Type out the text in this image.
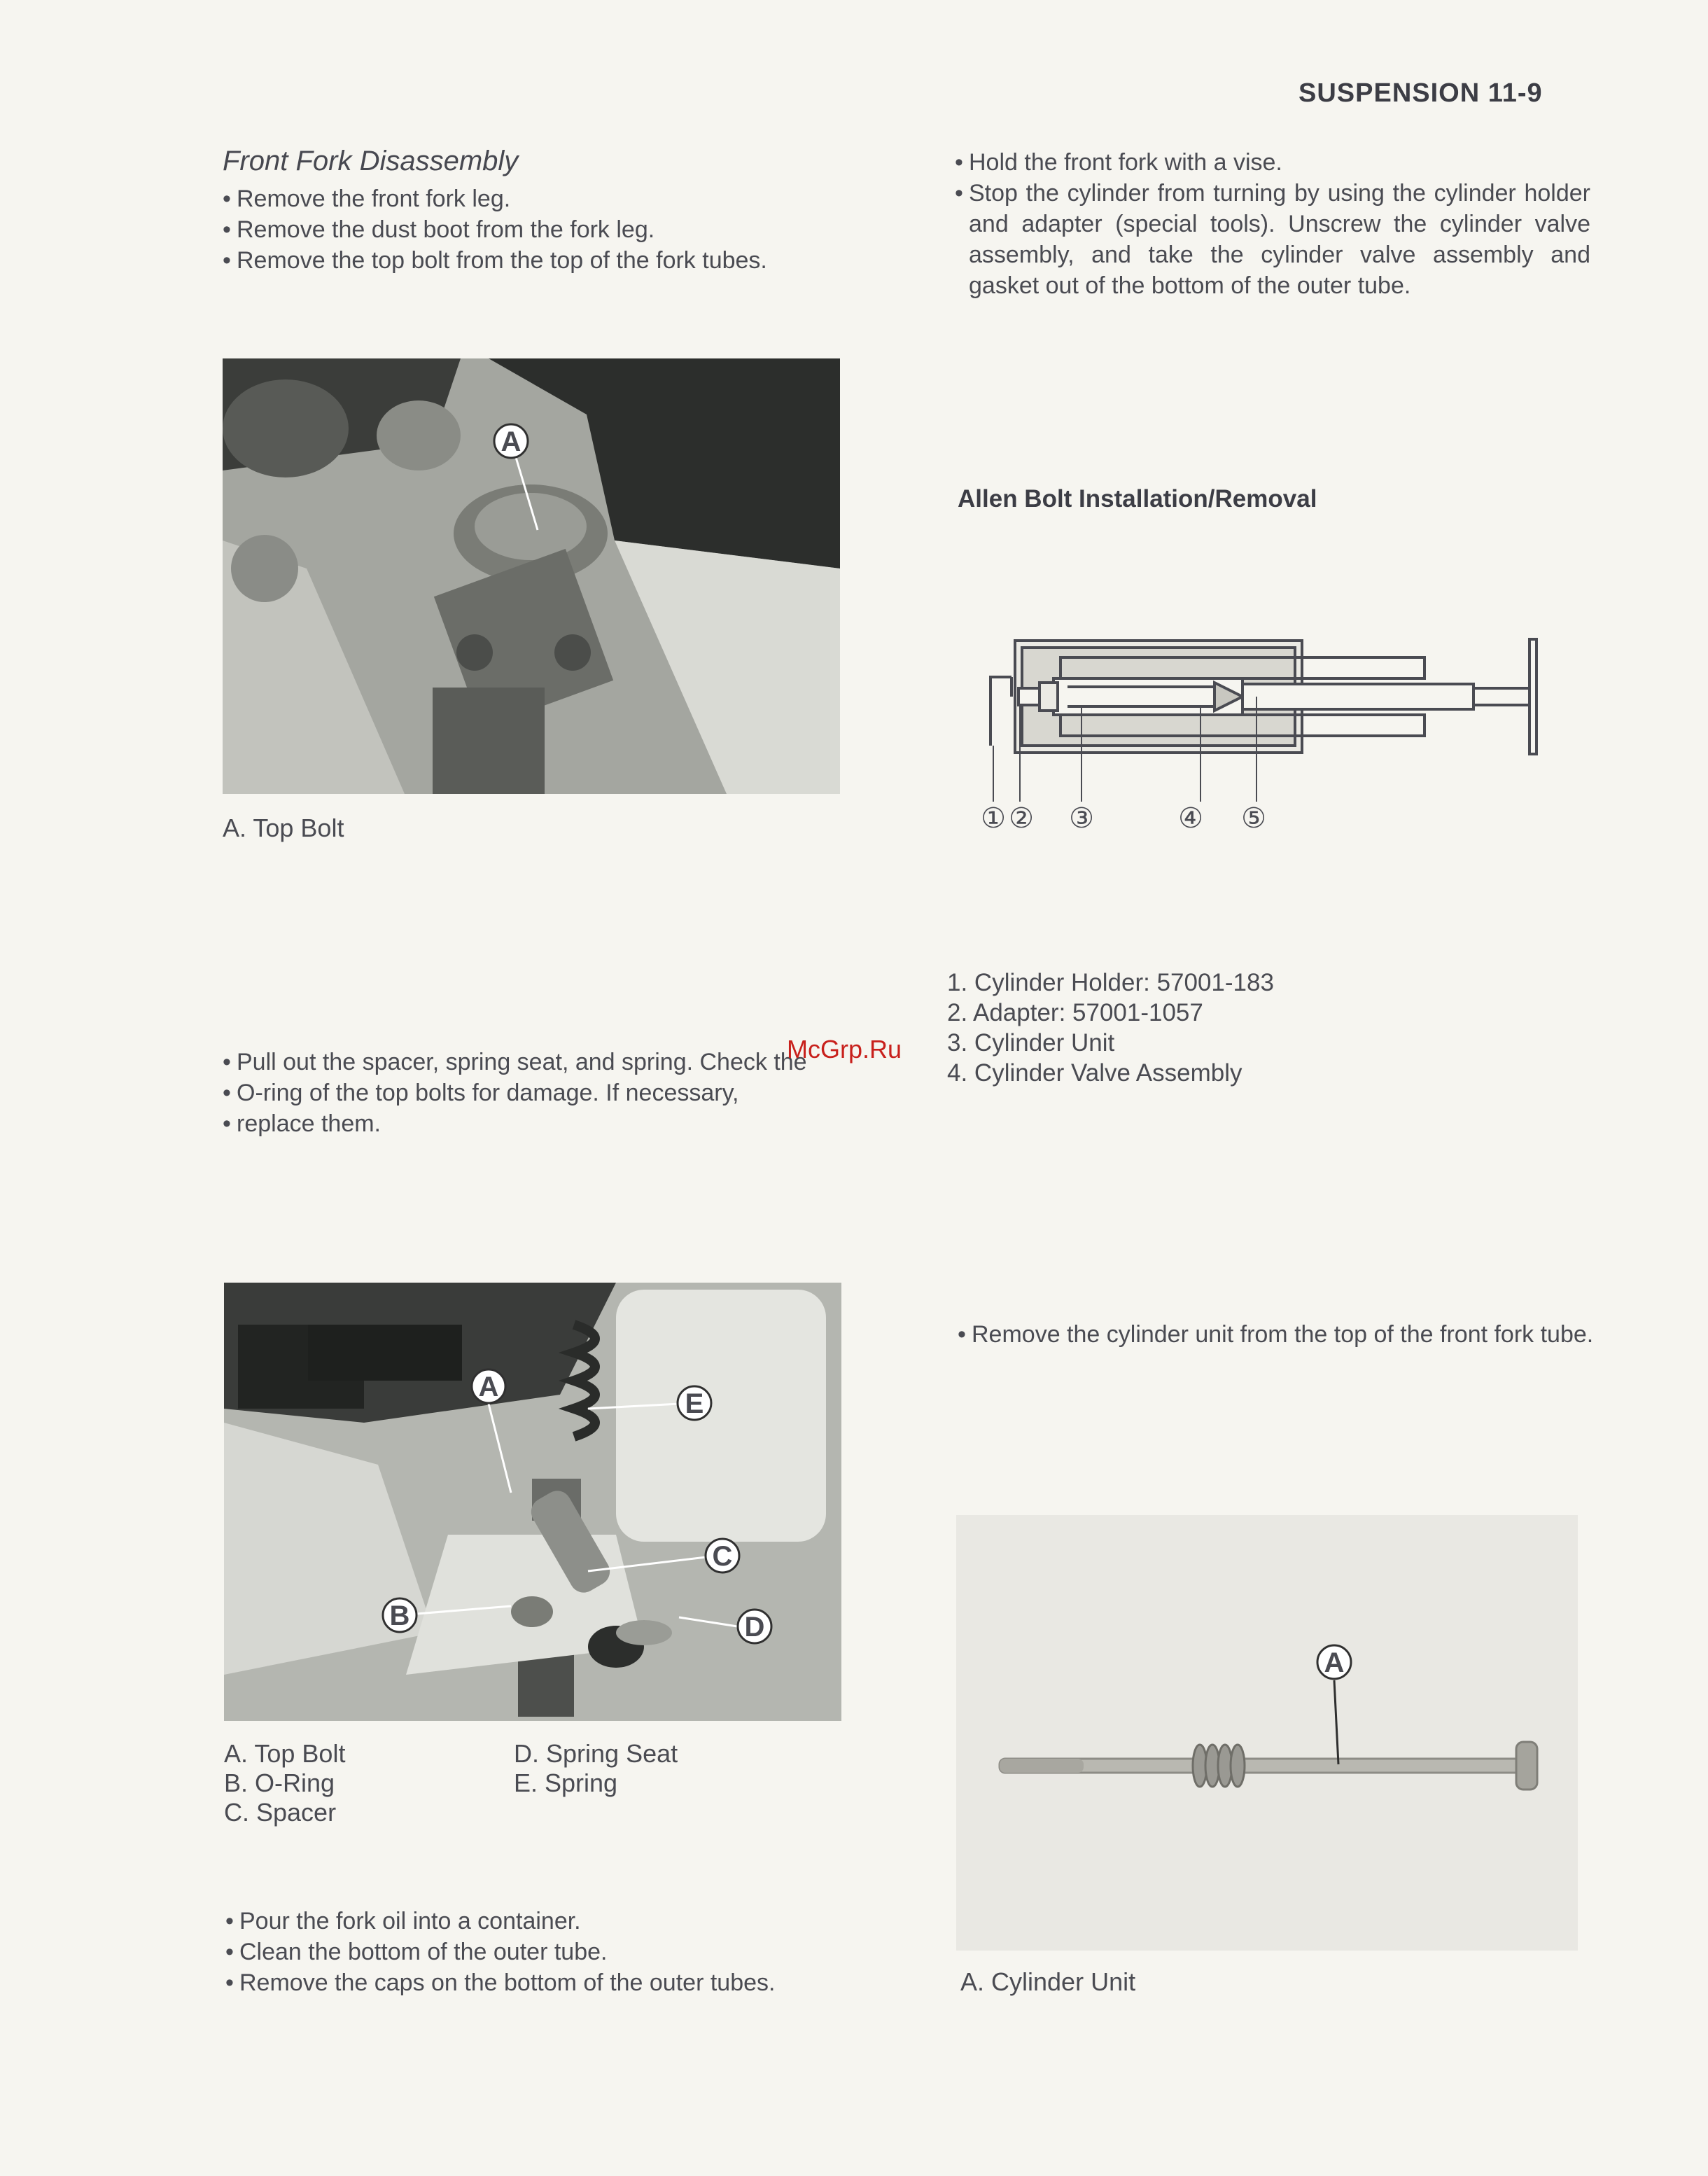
SUSPENSION 11-9
Front Fork Disassembly
• Remove the front fork leg.
• Remove the dust boot from the fork leg.
• Remove the top bolt from the top of the fork tubes.
A
A. Top Bolt
• Pull out the spacer, spring seat, and spring. Check the
• O-ring of the top bolts for damage. If necessary,
• replace them.
A
B
C
D
E
A. Top Bolt
B. O-Ring
C. Spacer
D. Spring Seat
E. Spring
• Pour the fork oil into a container.
• Clean the bottom of the outer tube.
• Remove the caps on the bottom of the outer tubes.
• Hold the front fork with a vise.
• Stop the cylinder from turning by using the cylinder holder and adapter (special tools). Unscrew the cylinder valve assembly, and take the cylinder valve assembly and gasket out of the bottom of the outer tube.
Allen Bolt Installation/Removal
① ② ③	④ ⑤
1. Cylinder Holder: 57001-183
2. Adapter: 57001-1057
3. Cylinder Unit
4. Cylinder Valve Assembly
• Remove the cylinder unit from the top of the front fork tube.
A
A. Cylinder Unit
McGrp.Ru
